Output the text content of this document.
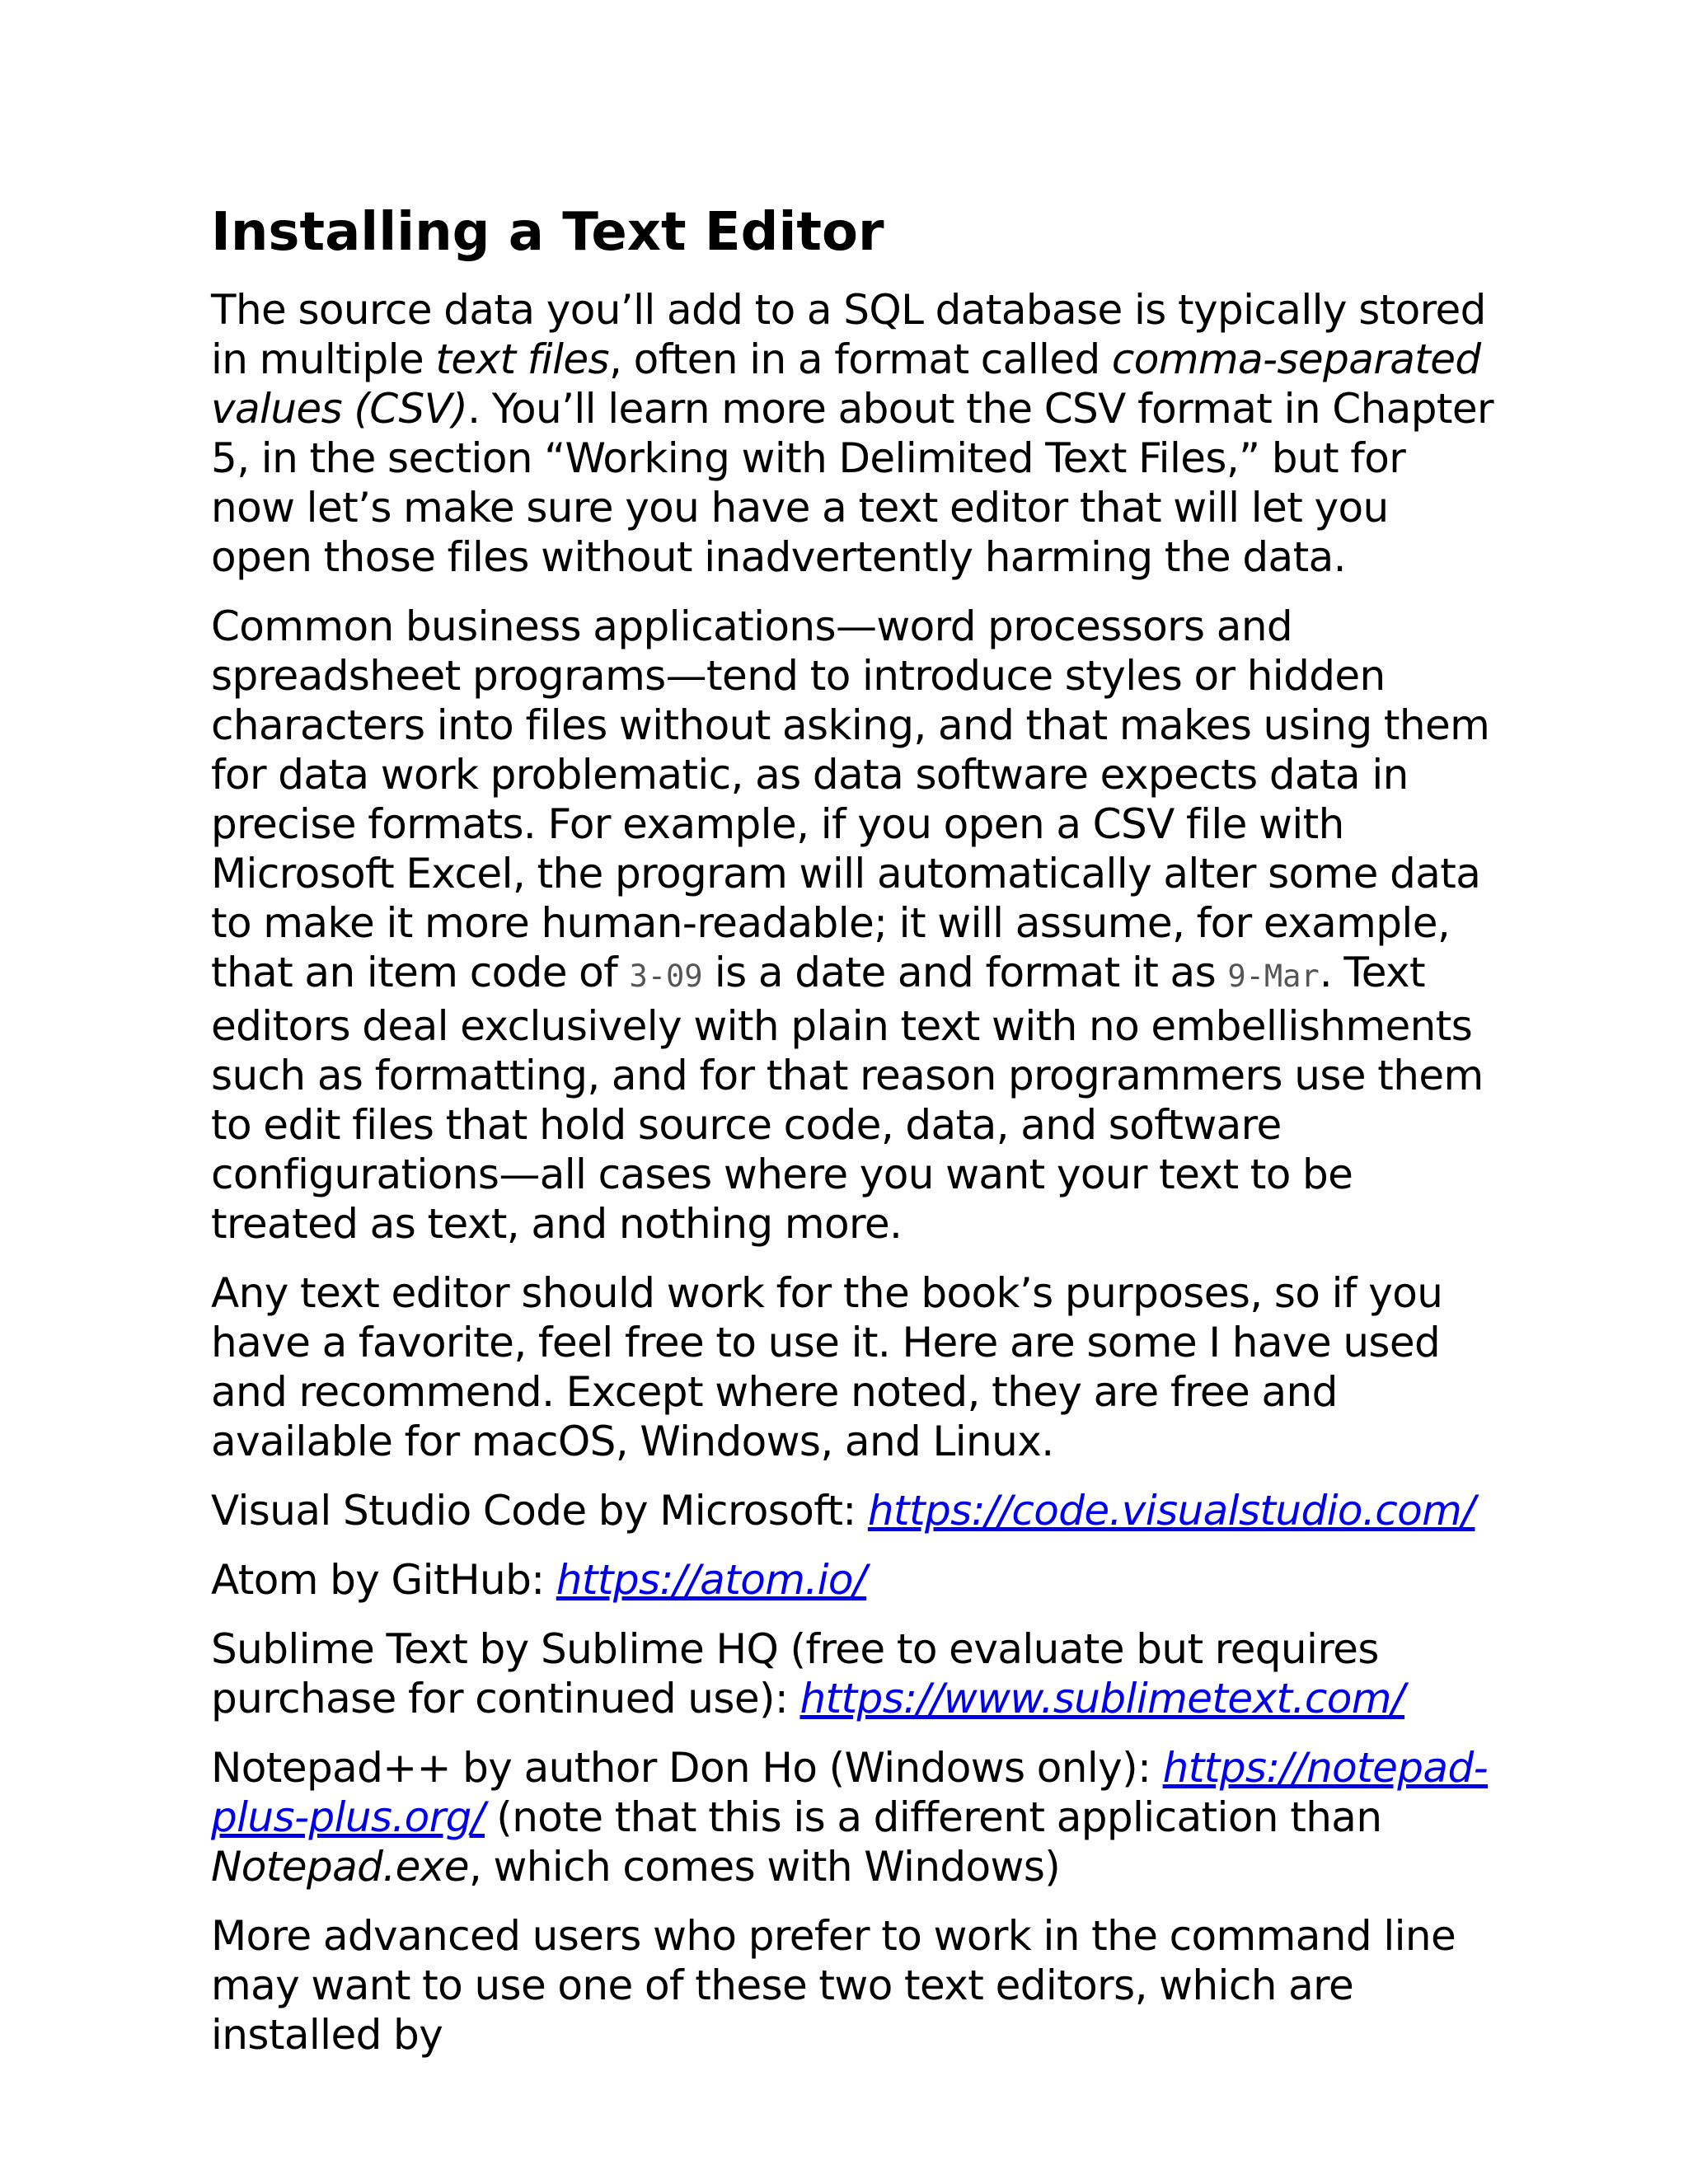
Installing a Text Editor

The source data you’ll add to a SQL database is typically stored in multiple text files, often in a format called comma-separated values (CSV). You’ll learn more about the CSV format in Chapter 5, in the section “Working with Delimited Text Files,” but for now let’s make sure you have a text editor that will let you open those files without inadvertently harming the data.

Common business applications—word processors and spreadsheet programs—tend to introduce styles or hidden characters into files without asking, and that makes using them for data work problematic, as data software expects data in precise formats. For example, if you open a CSV file with Microsoft Excel, the program will automatically alter some data to make it more human-readable; it will assume, for example, that an item code of 3-09 is a date and format it as 9-Mar. Text editors deal exclusively with plain text with no embellishments such as formatting, and for that reason programmers use them to edit files that hold source code, data, and software configurations—all cases where you want your text to be treated as text, and nothing more.

Any text editor should work for the book’s purposes, so if you have a favorite, feel free to use it. Here are some I have used and recommend. Except where noted, they are free and available for macOS, Windows, and Linux.

Visual Studio Code by Microsoft: https://code.visualstudio.com/

Atom by GitHub: https://atom.io/

Sublime Text by Sublime HQ (free to evaluate but requires purchase for continued use): https://www.sublimetext.com/

Notepad++ by author Don Ho (Windows only): https://notepad-plus-plus.org/ (note that this is a different application than Notepad.exe, which comes with Windows)

More advanced users who prefer to work in the command line may want to use one of these two text editors, which are installed by
